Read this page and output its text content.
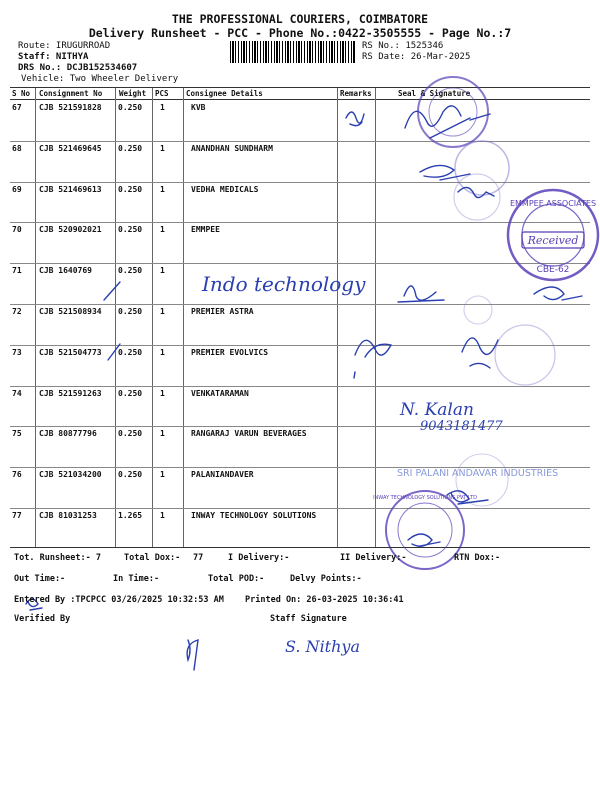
THE PROFESSIONAL COURIERS, COIMBATORE
Delivery Runsheet - PCC - Phone No.:0422-3505555 - Page No.:7
Route: IRUGURROAD
Staff: NITHYA
DRS No.: DCJB152534607
Vehicle: Two Wheeler Delivery
RS No.: 1525346
RS Date: 26-Mar-2025
S No Consignment No Weight PCS Consignee Details	Remarks	Seal & Signature
67 CJB 521591828 0.250 1	KVB
68 CJB 521469645 0.250 1	ANANDHAN SUNDHARM
69 CJB 521469613 0.250 1	VEDHA MEDICALS
70 CJB 520902021 0.250 1	EMMPEE
71 CJB 1640769	0.250 1
72 CJB 521508934 0.250 1	PREMIER ASTRA
73 CJB 521504773 0.250 1	PREMIER EVOLVICS
74 CJB 521591263 0.250 1	VENKATARAMAN
75 CJB 80877796	0.250 1	RANGARAJ VARUN BEVERAGES
76 CJB 521034200 0.250 1	PALANIANDAVER
77 CJB 81031253	1.265 1	INWAY TECHNOLOGY SOLUTIONS
Indo technology
N. Kalan
9043181477
EMMPEE ASSOCIATES
Received
CBE-62
SRI PALANI ANDAVAR INDUSTRIES
INWAY TECHNOLOGY SOLUTIONS PVT LTD
S. Nithya
Tot. Runsheet:- 7	Total Dox:- 77	I Delivery:-	II Delivery:-	RTN Dox:-
Out Time:-	In Time:-	Total POD:-	Delvy Points:-
Entered By :TPCPCC 03/26/2025 10:32:53 AM Printed On: 26-03-2025 10:36:41
Verified By	Staff Signature
